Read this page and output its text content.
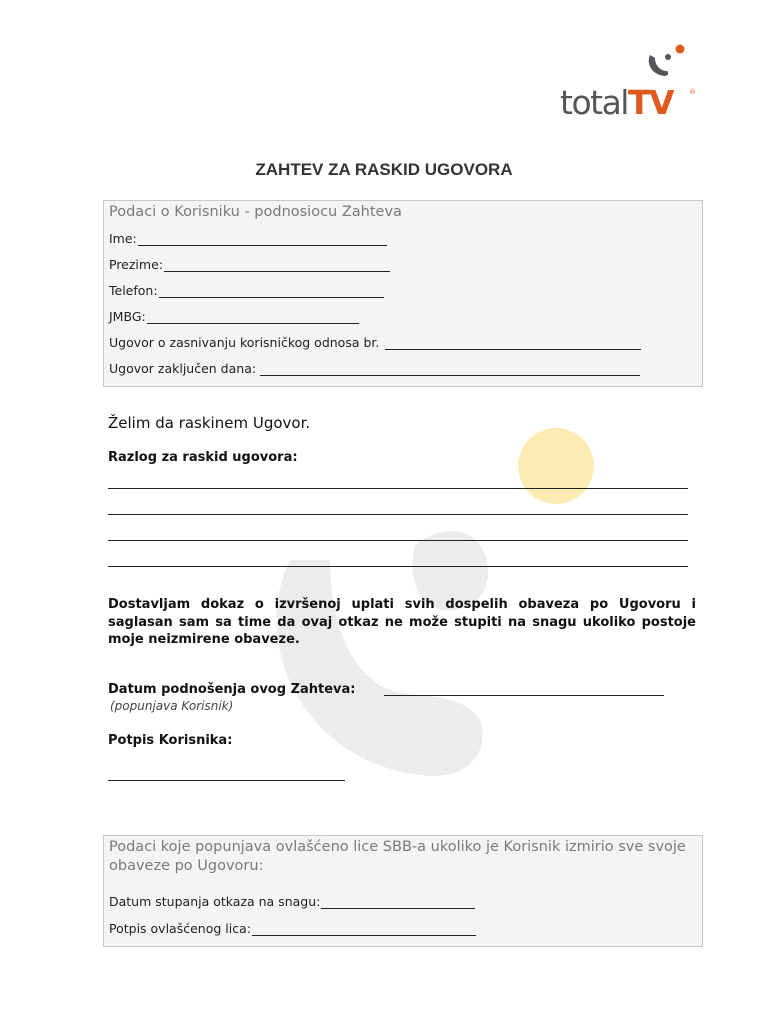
totalTV ®
ZAHTEV ZA RASKID UGOVORA
Podaci o Korisniku - podnosiocu Zahteva
Ime:
Prezime:
Telefon:
JMBG:
Ugovor o zasnivanju korisničkog odnosa br.
Ugovor zaključen dana:
Želim da raskinem Ugovor.
Razlog za raskid ugovora:
Dostavljam dokaz o izvršenoj uplati svih dospelih obaveza po Ugovoru i saglasan sam sa time da ovaj otkaz ne može stupiti na snagu ukoliko postoje moje neizmirene obaveze.
Datum podnošenja ovog Zahteva:
(popunjava Korisnik)
Potpis Korisnika:
Podaci koje popunjava ovlašćeno lice SBB-a ukoliko je Korisnik izmirio sve svoje obaveze po Ugovoru:
Datum stupanja otkaza na snagu:
Potpis ovlašćenog lica:
